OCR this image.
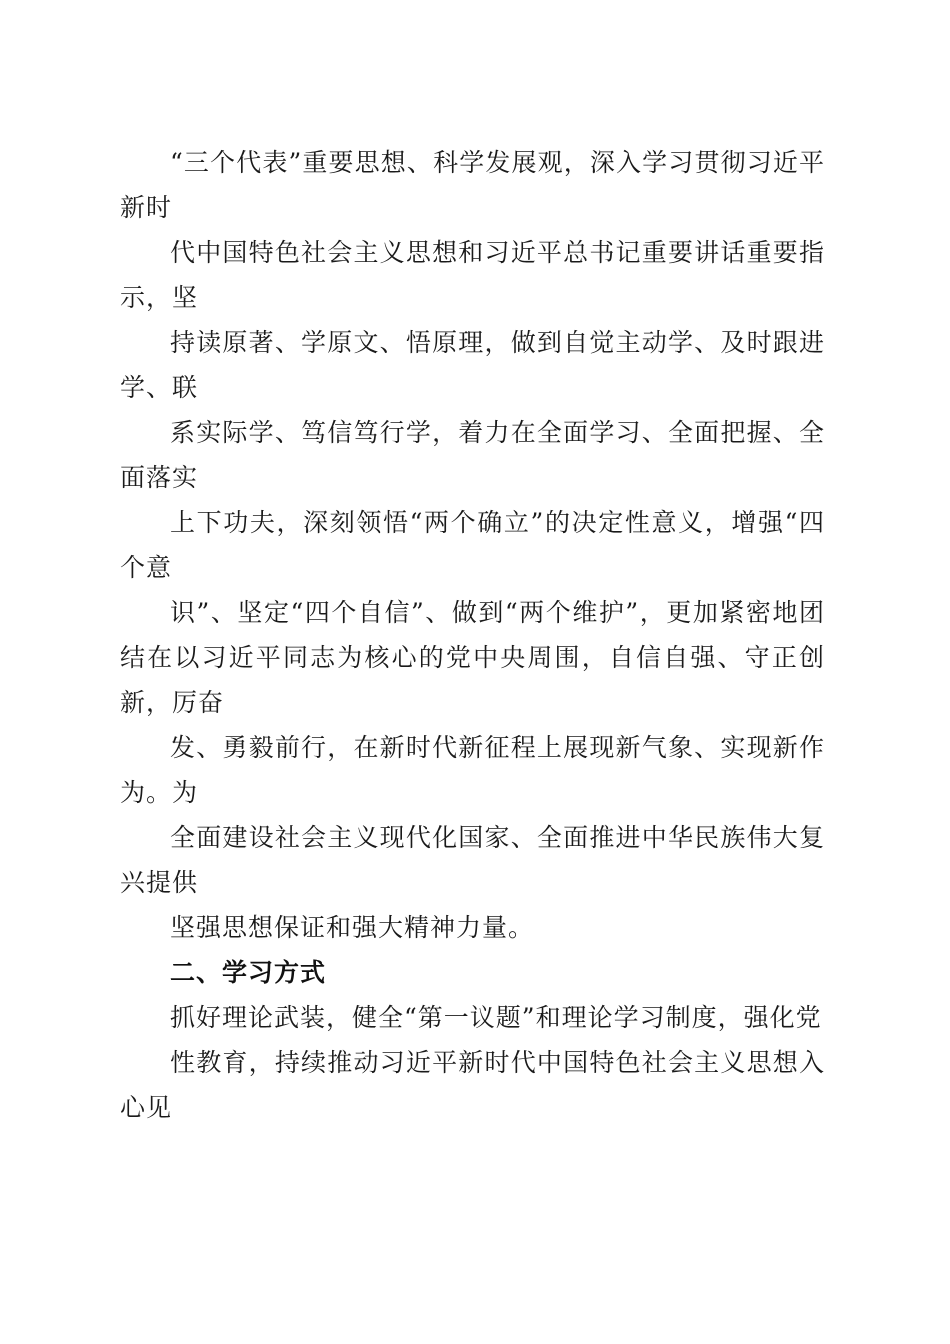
“三个代表”重要思想、科学发展观，深入学习贯彻习近平新时

代中国特色社会主义思想和习近平总书记重要讲话重要指示，坚

持读原著、学原文、悟原理，做到自觉主动学、及时跟进学、联

系实际学、笃信笃行学，着力在全面学习、全面把握、全面落实

上下功夫，深刻领悟“两个确立”的决定性意义，增强“四个意

识”、坚定“四个自信”、做到“两个维护”，更加紧密地团结在以习近平同志为核心的党中央周围，自信自强、守正创新，厉奋

发、勇毅前行，在新时代新征程上展现新气象、实现新作为。为

全面建设社会主义现代化国家、全面推进中华民族伟大复兴提供

坚强思想保证和强大精神力量。

二、学习方式

抓好理论武装，健全“第一议题”和理论学习制度，强化党

性教育，持续推动习近平新时代中国特色社会主义思想入心见
